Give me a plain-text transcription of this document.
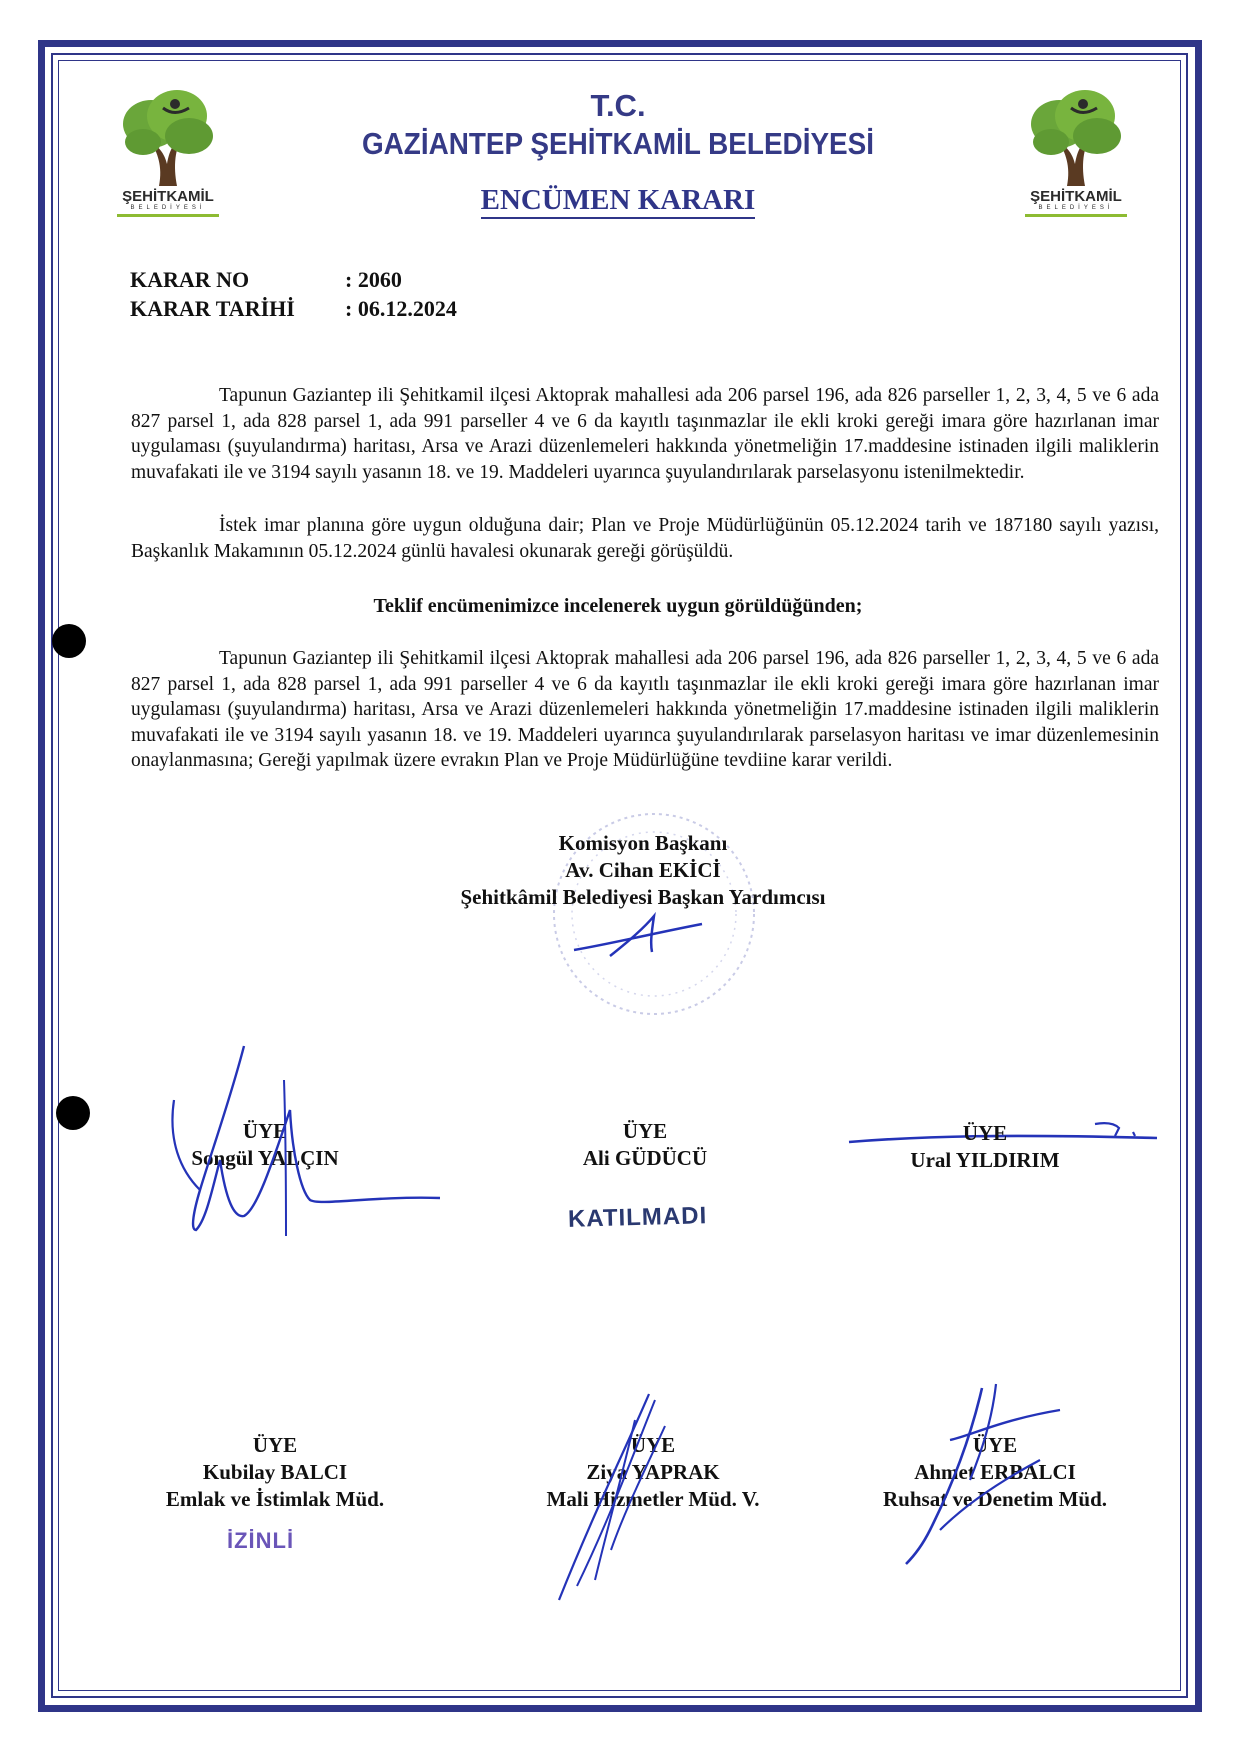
ŞEHİTKAMİL
BELEDİYESİ
ŞEHİTKAMİL
BELEDİYESİ
T.C.
GAZİANTEP ŞEHİTKAMİL BELEDİYESİ
ENCÜMEN KARARI
KARAR NO	: 2060
KARAR TARİHİ : 06.12.2024

Tapunun Gaziantep ili Şehitkamil ilçesi Aktoprak mahallesi ada 206 parsel 196, ada 826 parseller 1, 2, 3, 4, 5 ve 6 ada 827 parsel 1, ada 828 parsel 1, ada 991 parseller 4 ve 6 da kayıtlı taşınmazlar ile ekli kroki gereği imara göre hazırlanan imar uygulaması (şuyulandırma) haritası, Arsa ve Arazi düzenlemeleri hakkında yönetmeliğin 17.maddesine istinaden ilgili maliklerin muvafakati ile ve 3194 sayılı yasanın 18. ve 19. Maddeleri uyarınca şuyulandırılarak parselasyonu istenilmektedir.

İstek imar planına göre uygun olduğuna dair; Plan ve Proje Müdürlüğünün 05.12.2024 tarih ve 187180 sayılı yazısı, Başkanlık Makamının 05.12.2024 günlü havalesi okunarak gereği görüşüldü.

Teklif encümenimizce incelenerek uygun görüldüğünden;

Tapunun Gaziantep ili Şehitkamil ilçesi Aktoprak mahallesi ada 206 parsel 196, ada 826 parseller 1, 2, 3, 4, 5 ve 6 ada 827 parsel 1, ada 828 parsel 1, ada 991 parseller 4 ve 6 da kayıtlı taşınmazlar ile ekli kroki gereği imara göre hazırlanan imar uygulaması (şuyulandırma) haritası, Arsa ve Arazi düzenlemeleri hakkında yönetmeliğin 17.maddesine istinaden ilgili maliklerin muvafakati ile ve 3194 sayılı yasanın 18. ve 19. Maddeleri uyarınca şuyulandırılarak parselasyon haritası ve imar düzenlemesinin onaylanmasına; Gereği yapılmak üzere evrakın Plan ve Proje Müdürlüğüne tevdiine karar verildi.

Komisyon Başkanı
Av. Cihan EKİCİ
Şehitkâmil Belediyesi Başkan Yardımcısı
ÜYE
Songül YALÇIN
ÜYE
Ali GÜDÜCÜ
KATILMADI
ÜYE
Ural YILDIRIM
ÜYE
Kubilay BALCI
Emlak ve İstimlak Müd.
İZİNLİ
ÜYE
Ziya YAPRAK
Mali Hizmetler Müd. V.
ÜYE
Ahmet ERBALCI
Ruhsat ve Denetim Müd.
